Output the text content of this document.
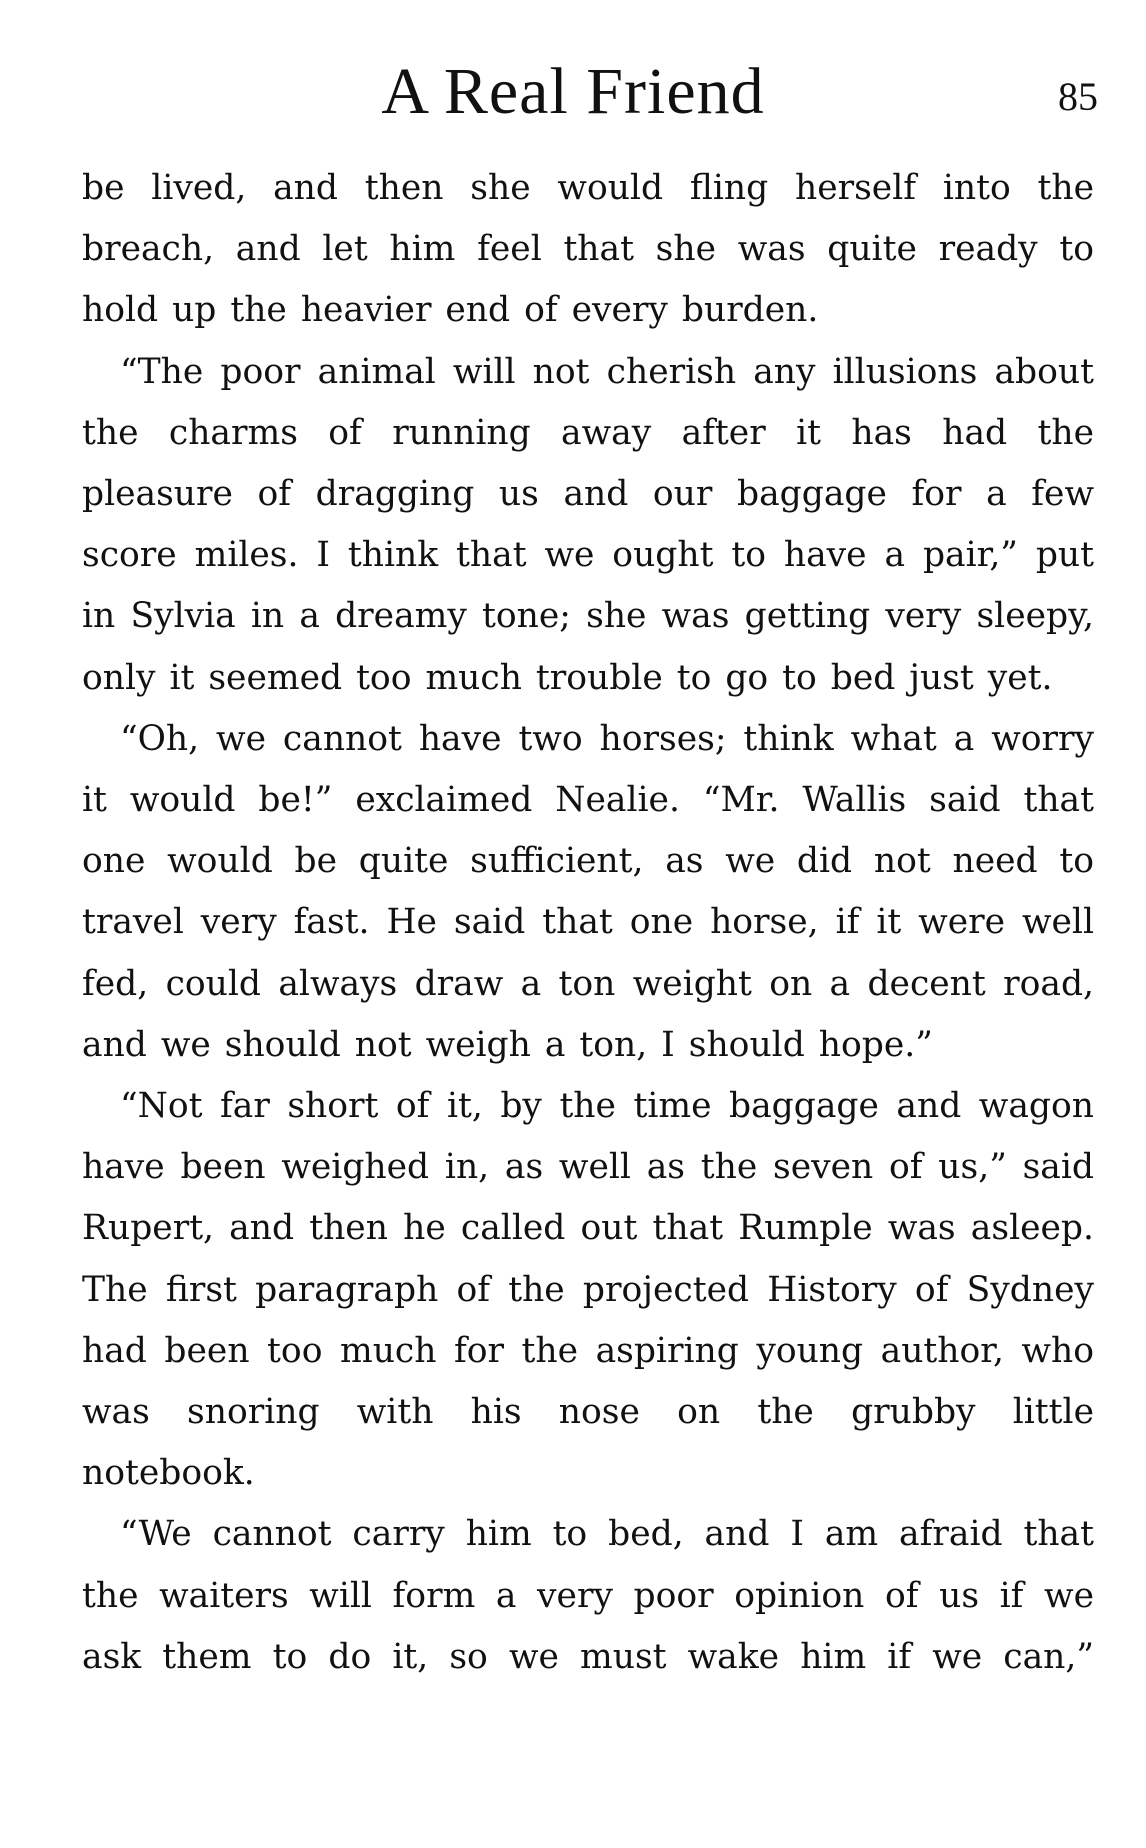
A Real Friend	85

be lived, and then she would fling herself into the breach, and let him feel that she was quite ready to hold up the heavier end of every burden.

“The poor animal will not cherish any illusions about the charms of running away after it has had the pleasure of dragging us and our baggage for a few score miles. I think that we ought to have a pair,” put in Sylvia in a dreamy tone; she was getting very sleepy, only it seemed too much trouble to go to bed just yet.

“Oh, we cannot have two horses; think what a worry it would be!” exclaimed Nealie. “Mr. Wallis said that one would be quite sufficient, as we did not need to travel very fast. He said that one horse, if it were well fed, could always draw a ton weight on a decent road, and we should not weigh a ton, I should hope.”

“Not far short of it, by the time baggage and wagon have been weighed in, as well as the seven of us,” said Rupert, and then he called out that Rumple was asleep. The first paragraph of the projected History of Sydney had been too much for the aspiring young author, who was snoring with his nose on the grubby little notebook.

“We cannot carry him to bed, and I am afraid that the waiters will form a very poor opinion of us if we ask them to do it, so we must wake him if we can,”
